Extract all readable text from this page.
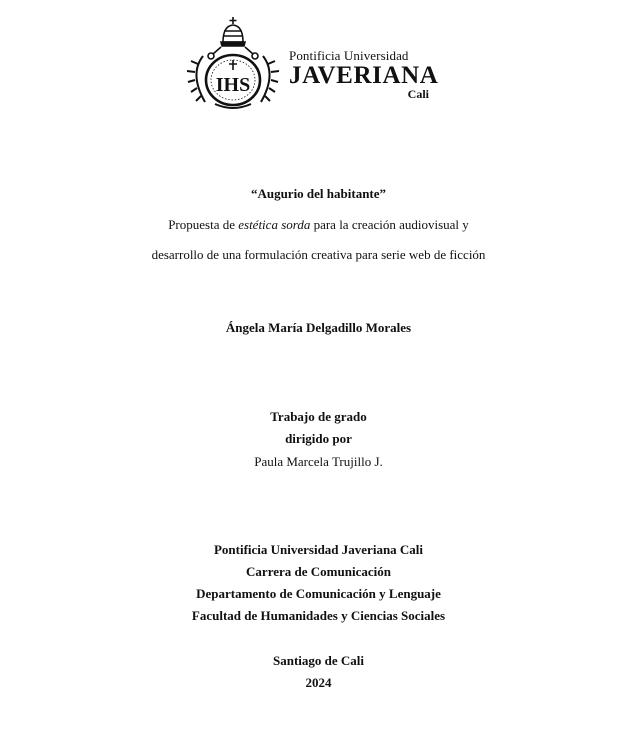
IHS
Pontificia Universidad
JAVERIANA
Cali
“Augurio del habitante”
Propuesta de estética sorda para la creación audiovisual y
desarrollo de una formulación creativa para serie web de ficción
Ángela María Delgadillo Morales
Trabajo de grado
dirigido por
Paula Marcela Trujillo J.
Pontificia Universidad Javeriana Cali
Carrera de Comunicación
Departamento de Comunicación y Lenguaje
Facultad de Humanidades y Ciencias Sociales
Santiago de Cali
2024
